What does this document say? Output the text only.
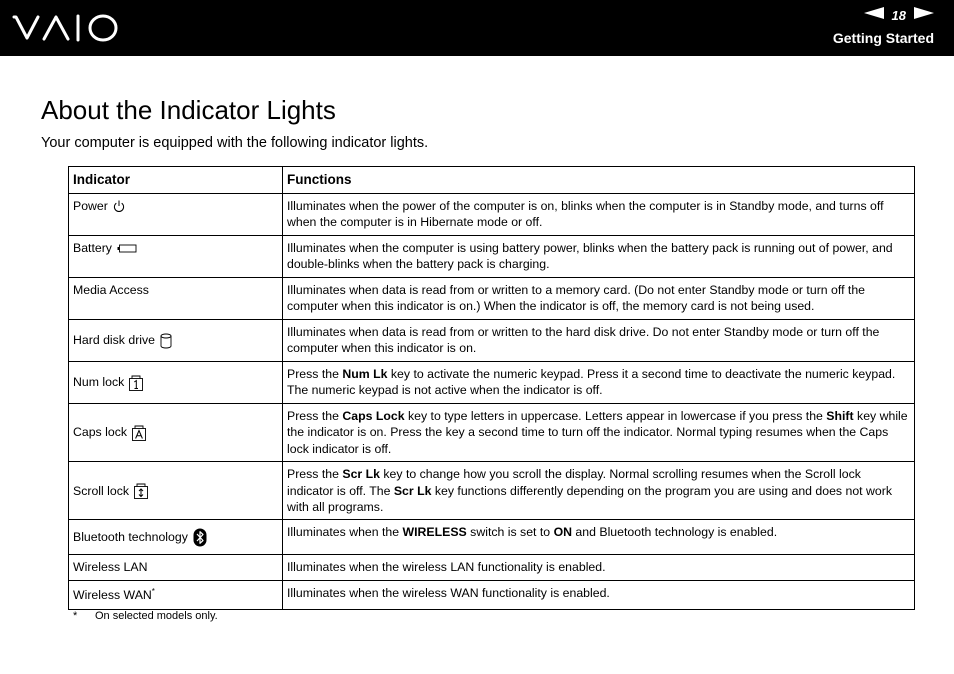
18
Getting Started
About the Indicator Lights

Your computer is equipped with the following indicator lights.

Indicator	Functions

Power	Illuminates when the power of the computer is on, blinks when the computer is in Standby mode, and turns off when the computer is in Hibernate mode or off.

Battery	Illuminates when the computer is using battery power, blinks when the battery pack is running out of power, and double-blinks when the battery pack is charging.

Media Access	Illuminates when data is read from or written to a memory card. (Do not enter Standby mode or turn off the computer when this indicator is on.) When the indicator is off, the memory card is not being used.

Hard disk drive	Illuminates when data is read from or written to the hard disk drive. Do not enter Standby mode or turn off the computer when this indicator is on.

Num lock	Press the Num Lk key to activate the numeric keypad. Press it a second time to deactivate the numeric keypad. The numeric keypad is not active when the indicator is off.

Caps lock	Press the Caps Lock key to type letters in uppercase. Letters appear in lowercase if you press the Shift key while the indicator is on. Press the key a second time to turn off the indicator. Normal typing resumes when the Caps lock indicator is off.

Scroll lock	Press the Scr Lk key to change how you scroll the display. Normal scrolling resumes when the Scroll lock indicator is off. The Scr Lk key functions differently depending on the program you are using and does not work with all programs.

Bluetooth technology	Illuminates when the WIRELESS switch is set to ON and Bluetooth technology is enabled.

Wireless LAN	Illuminates when the wireless LAN functionality is enabled.

Wireless WAN*	Illuminates when the wireless WAN functionality is enabled.
* On selected models only.
